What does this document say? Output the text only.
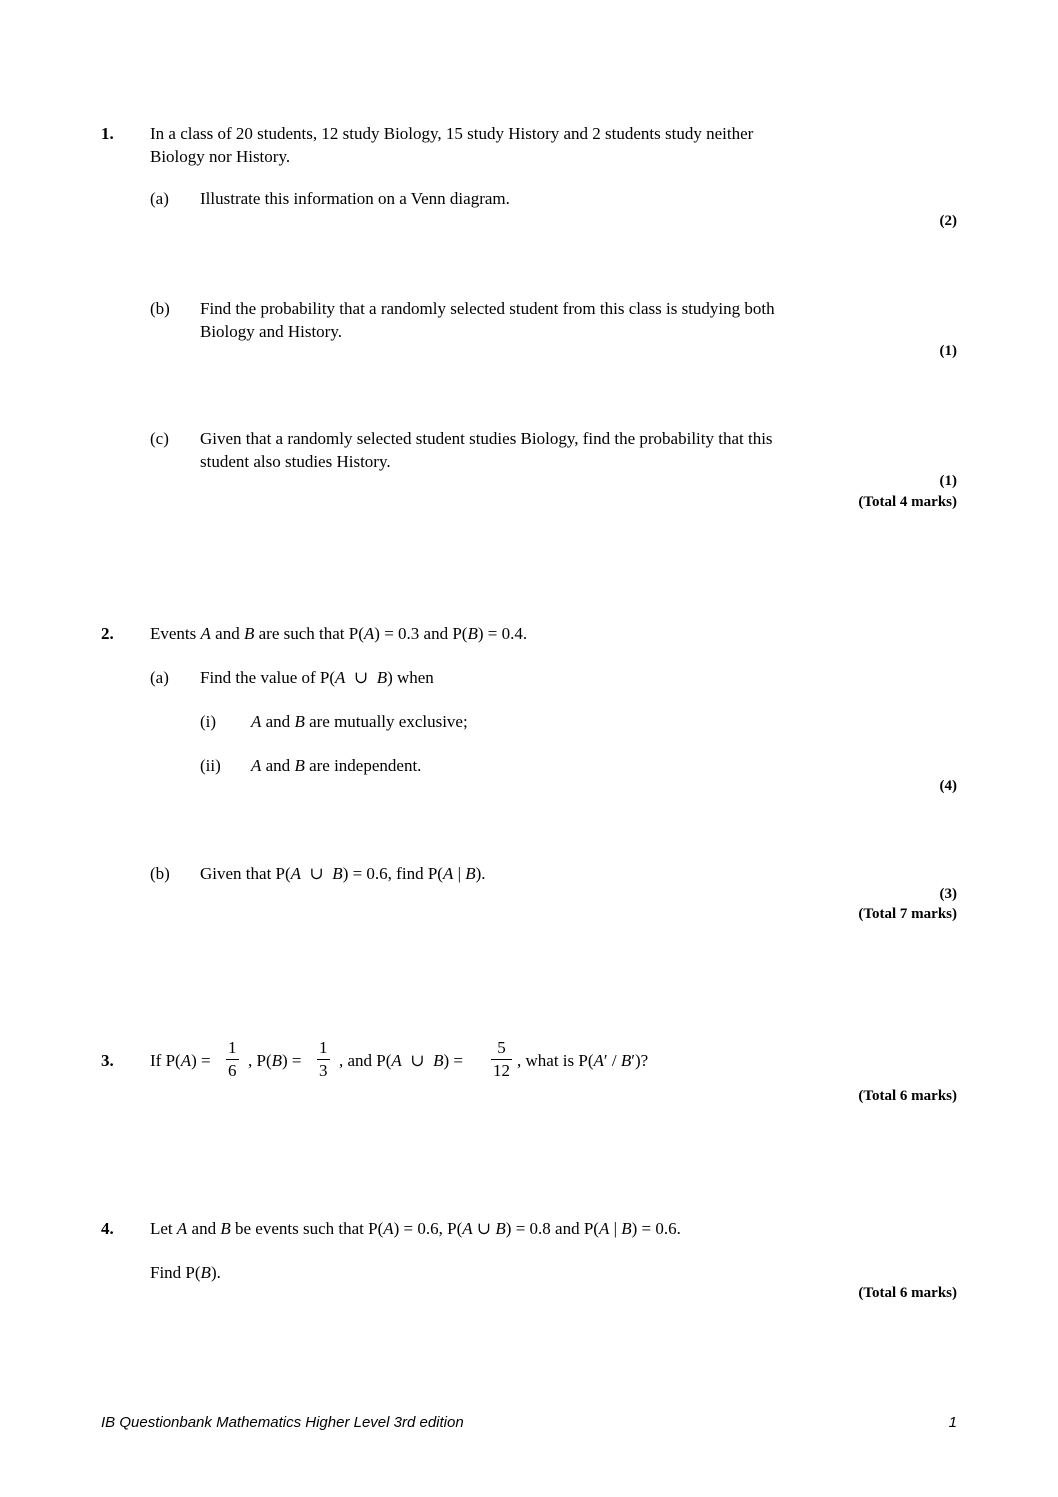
1. In a class of 20 students, 12 study Biology, 15 study History and 2 students study neither
Biology nor History.
(a) Illustrate this information on a Venn diagram.
(2)
(b) Find the probability that a randomly selected student from this class is studying both
Biology and History.
(1)
(c) Given that a randomly selected student studies Biology, find the probability that this
student also studies History.
(1)
(Total 4 marks)
2. Events A and B are such that P(A) = 0.3 and P(B) = 0.4.
(a) Find the value of P(A  ∪  B) when
(i) A and B are mutually exclusive;
(ii) A and B are independent.
(4)
(b) Given that P(A  ∪  B) = 0.6, find P(A | B).
(3)
(Total 7 marks)
3. If $P(A) = \frac{1}{6}$ , $P(B) = \frac{1}{3}$ , and P(A  ∪  $B) = \frac{5}{12}$ , what is P(A′ / B′)?
(Total 6 marks)
4. Let A and B be events such that P(A) = 0.6, P(A ∪ B) = 0.8 and P(A | B) = 0.6.
Find P(B).
(Total 6 marks)
IB Questionbank Mathematics Higher Level 3rd edition	1
